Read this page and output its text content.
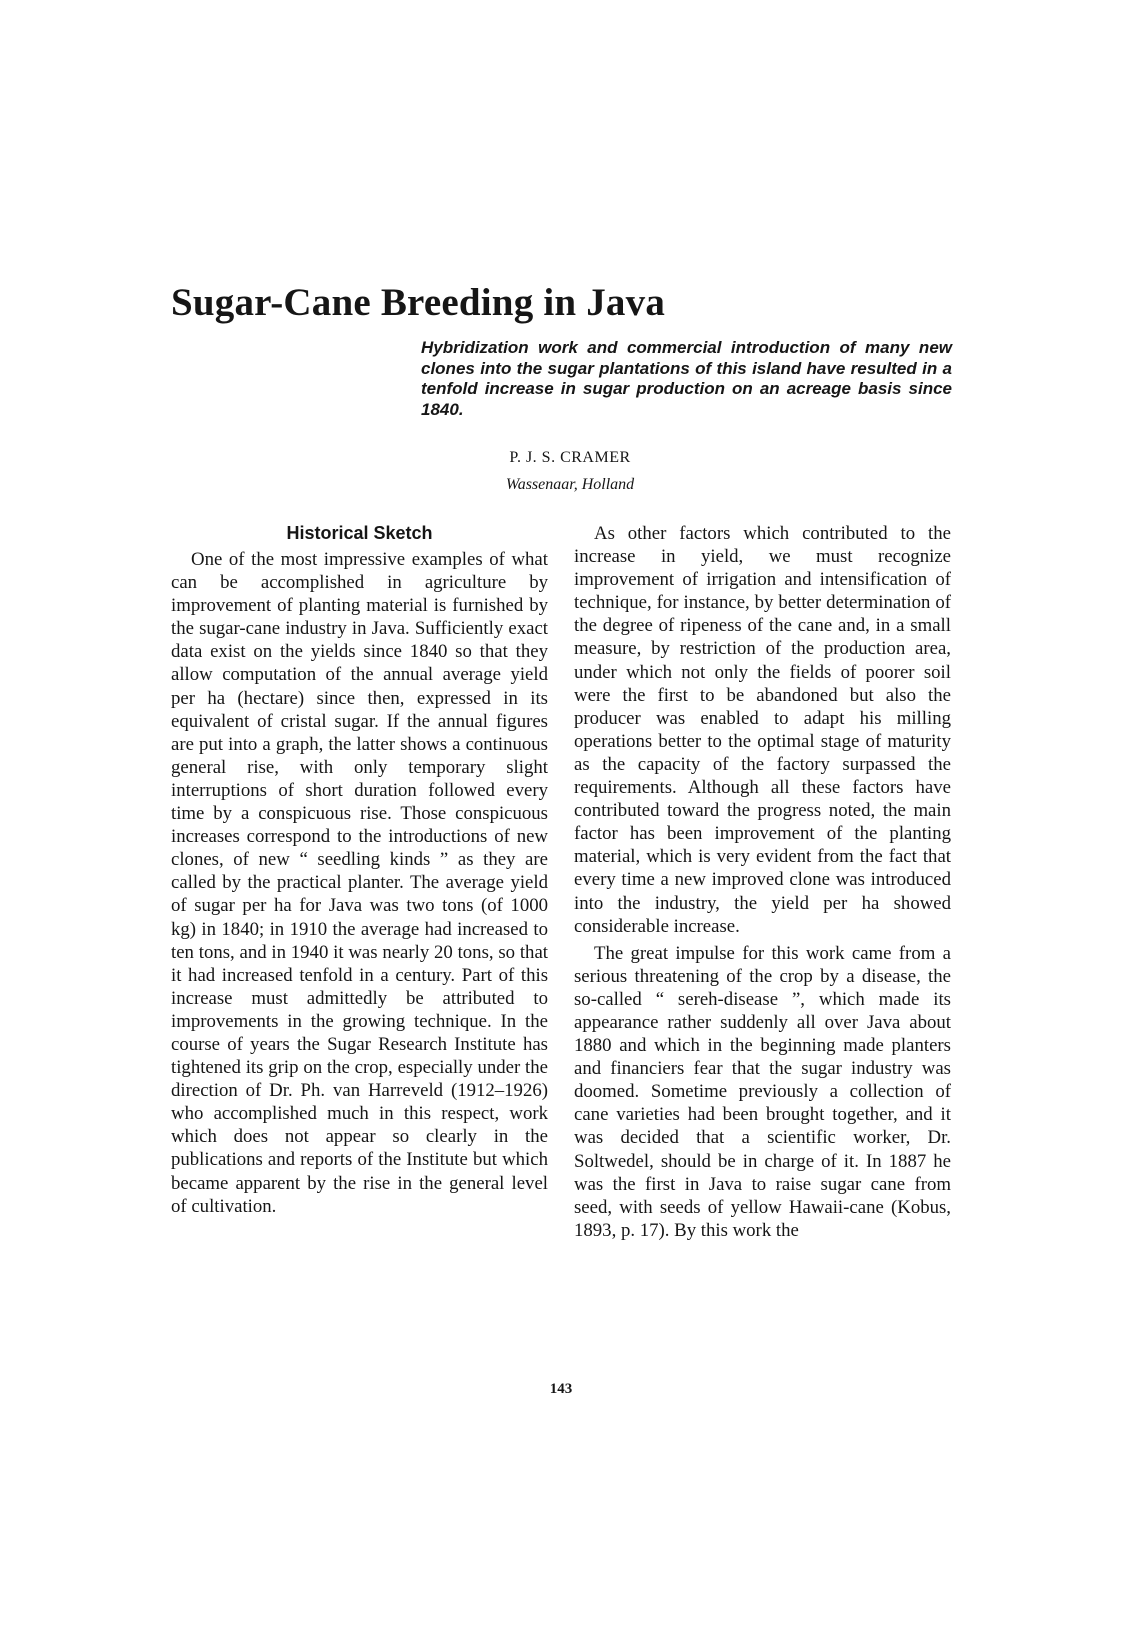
Sugar-Cane Breeding in Java

Hybridization work and commercial introduction of many new clones into the sugar plantations of this island have resulted in a tenfold increase in sugar production on an acreage basis since 1840.

P. J. S. CRAMER

Wassenaar, Holland

Historical Sketch

One of the most impressive examples of what can be accomplished in agriculture by improvement of planting material is furnished by the sugar-cane industry in Java. Sufficiently exact data exist on the yields since 1840 so that they allow computation of the annual average yield per ha (hectare) since then, expressed in its equivalent of cristal sugar. If the annual figures are put into a graph, the latter shows a continuous general rise, with only temporary slight interruptions of short duration followed every time by a conspicuous rise. Those conspicuous increases correspond to the introductions of new clones, of new “ seedling kinds ” as they are called by the practical planter. The average yield of sugar per ha for Java was two tons (of 1000 kg) in 1840; in 1910 the average had increased to ten tons, and in 1940 it was nearly 20 tons, so that it had increased tenfold in a century. Part of this increase must admittedly be attributed to improvements in the growing technique. In the course of years the Sugar Research Institute has tightened its grip on the crop, especially under the direction of Dr. Ph. van Harreveld (1912–1926) who accomplished much in this respect, work which does not appear so clearly in the publications and reports of the Institute but which became apparent by the rise in the general level of cultivation.

As other factors which contributed to the increase in yield, we must recognize improvement of irrigation and intensification of technique, for instance, by better determination of the degree of ripeness of the cane and, in a small measure, by restriction of the production area, under which not only the fields of poorer soil were the first to be abandoned but also the producer was enabled to adapt his milling operations better to the optimal stage of maturity as the capacity of the factory surpassed the requirements. Although all these factors have contributed toward the progress noted, the main factor has been improvement of the planting material, which is very evident from the fact that every time a new improved clone was introduced into the industry, the yield per ha showed considerable increase.

The great impulse for this work came from a serious threatening of the crop by a disease, the so-called “ sereh-disease ”, which made its appearance rather suddenly all over Java about 1880 and which in the beginning made planters and financiers fear that the sugar industry was doomed. Sometime previously a collection of cane varieties had been brought together, and it was decided that a scientific worker, Dr. Soltwedel, should be in charge of it. In 1887 he was the first in Java to raise sugar cane from seed, with seeds of yellow Hawaii-cane (Kobus, 1893, p. 17). By this work the

143
